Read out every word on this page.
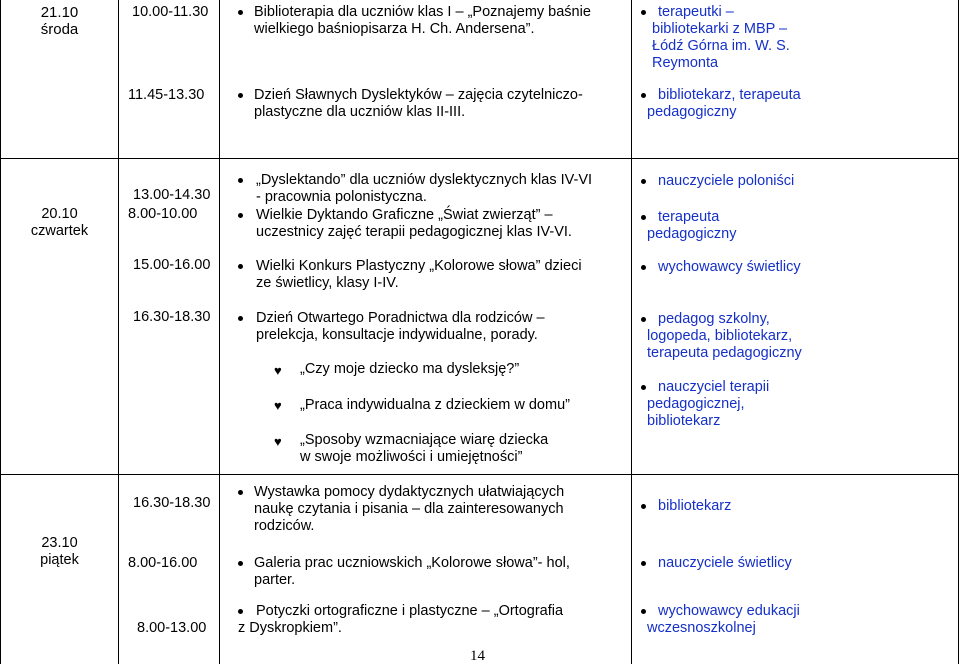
21.10
środa
20.10
czwartek
23.10
piątek
10.00-11.30
11.45-13.30
13.00-14.30
8.00-10.00
15.00-16.00
16.30-18.30
16.30-18.30
8.00-16.00
8.00-13.00
Biblioterapia dla uczniów klas I – „Poznajemy baśnie
wielkiego baśniopisarza H. Ch. Andersena”.
Dzień Sławnych Dyslektyków – zajęcia czytelniczo-
plastyczne dla uczniów klas II-III.
„Dyslektando” dla uczniów dyslektycznych klas IV-VI
- pracownia polonistyczna.
Wielkie Dyktando Graficzne „Świat zwierząt” –
uczestnicy zajęć terapii pedagogicznej klas IV-VI.
Wielki Konkurs Plastyczny „Kolorowe słowa” dzieci
ze świetlicy, klasy I-IV.
Dzień Otwartego Poradnictwa dla rodziców –
prelekcja, konsultacje indywidualne, porady.
♥ „Czy moje dziecko ma dysleksję?”
♥ „Praca indywidualna z dzieckiem w domu”
♥ „Sposoby wzmacniające wiarę dziecka
w swoje możliwości i umiejętności”
Wystawka pomocy dydaktycznych ułatwiających
naukę czytania i pisania – dla zainteresowanych
rodziców.
Galeria prac uczniowskich „Kolorowe słowa”- hol,
parter.
Potyczki ortograficzne i plastyczne – „Ortografia
z Dyskropkiem”.
terapeutki –
bibliotekarki z MBP –
Łódź Górna im. W. S.
Reymonta
bibliotekarz, terapeuta
pedagogiczny
nauczyciele poloniści
terapeuta
pedagogiczny
wychowawcy świetlicy
pedagog szkolny,
logopeda, bibliotekarz,
terapeuta pedagogiczny
nauczyciel terapii
pedagogicznej,
bibliotekarz
bibliotekarz
nauczyciele świetlicy
wychowawcy edukacji
wczesnoszkolnej
14
